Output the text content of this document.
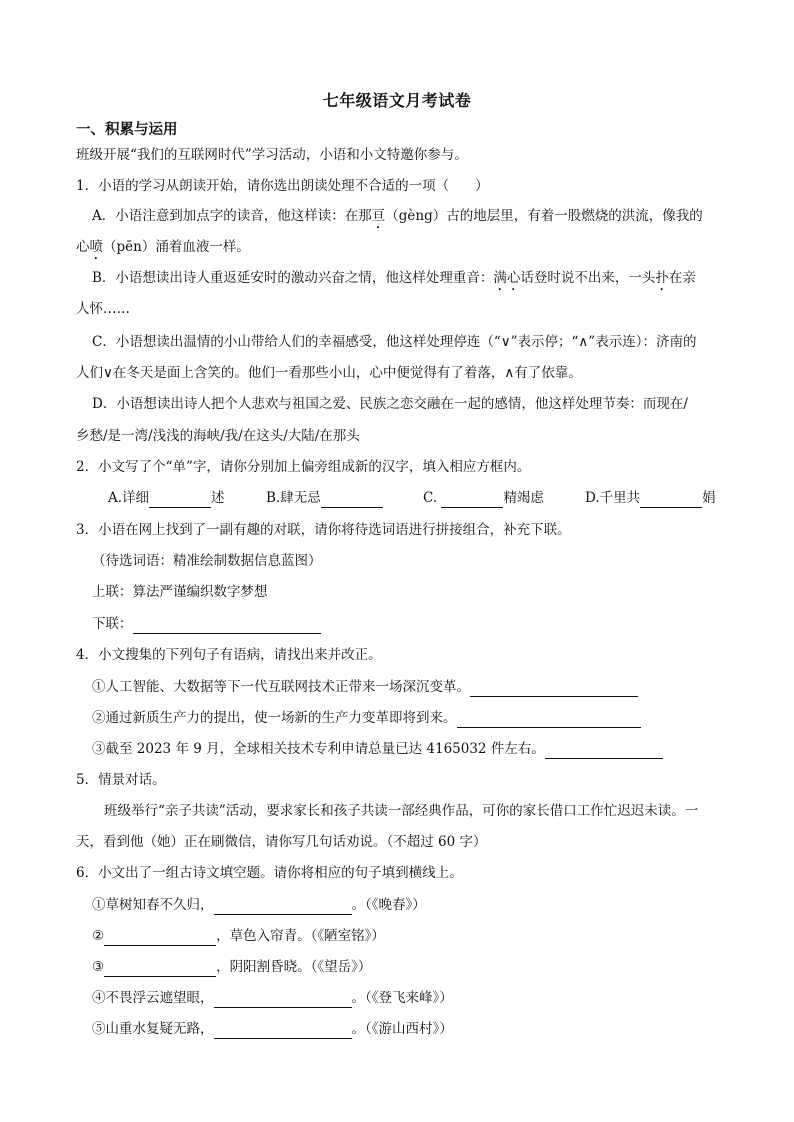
七年级语文月考试卷
一、积累与运用
班级开展“我们的互联网时代”学习活动，小语和小文特邀你参与。
1．小语的学习从朗读开始，请你选出朗读处理不合适的一项（ ）
A．小语注意到加点字的读音，他这样读：在那亘（gèng）古的地层里，有着一股燃烧的洪流，像我的
心喷（pēn）涌着血液一样。
B．小语想读出诗人重返延安时的激动兴奋之情，他这样处理重音：满心话登时说不出来，一头扑在亲
人怀……
C．小语想读出温情的小山带给人们的幸福感受，他这样处理停连（“∨”表示停；“∧”表示连）：济南的
人们∨在冬天是面上含笑的。他们一看那些小山，心中便觉得有了着落，∧有了依靠。
D．小语想读出诗人把个人悲欢与祖国之爱、民族之恋交融在一起的感情，他这样处理节奏：而现在/
乡愁/是一湾/浅浅的海峡/我/在这头/大陆/在那头
2．小文写了个“单”字，请你分别加上偏旁组成新的汉字，填入相应方框内。
A.详细	述	B.肆无忌	C.	精竭虑	D.千里共	娟
3．小语在网上找到了一副有趣的对联，请你将待选词语进行拼接组合，补充下联。
（待选词语：精准绘制数据信息蓝图）
上联：算法严谨编织数字梦想
下联：
4．小文搜集的下列句子有语病，请找出来并改正。
①人工智能、大数据等下一代互联网技术正带来一场深沉变革。
②通过新质生产力的提出，使一场新的生产力变革即将到来。
③截至 2023 年 9 月，全球相关技术专利申请总量已达 4165032 件左右。
5．情景对话。
班级举行“亲子共读”活动，要求家长和孩子共读一部经典作品，可你的家长借口工作忙迟迟未读。一
天，看到他（她）正在刷微信，请你写几句话劝说。（不超过 60 字）
6．小文出了一组古诗文填空题。请你将相应的句子填到横线上。
①草树知春不久归，	。（《晚春》）
②	，草色入帘青。（《陋室铭》）
③	，阴阳割昏晓。（《望岳》）
④不畏浮云遮望眼，	。（《登飞来峰》）
⑤山重水复疑无路，	。（《游山西村》）
